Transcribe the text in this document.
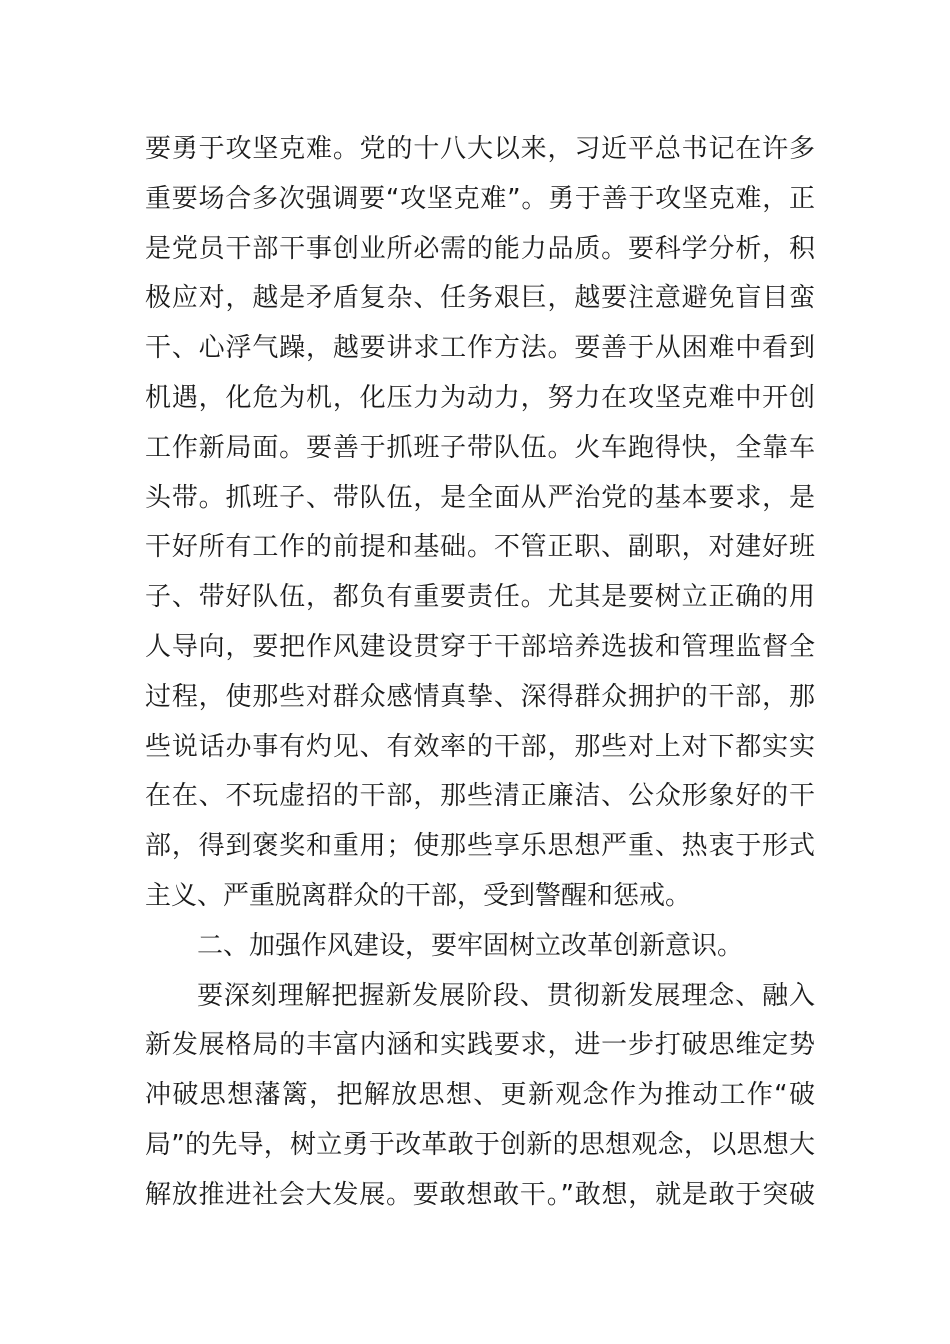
要勇于攻坚克难。党的十八大以来，习近平总书记在许多
重要场合多次强调要“攻坚克难”。勇于善于攻坚克难，正
是党员干部干事创业所必需的能力品质。要科学分析，积
极应对，越是矛盾复杂、任务艰巨，越要注意避免盲目蛮
干、心浮气躁，越要讲求工作方法。要善于从困难中看到
机遇，化危为机，化压力为动力，努力在攻坚克难中开创
工作新局面。要善于抓班子带队伍。火车跑得快，全靠车
头带。抓班子、带队伍，是全面从严治党的基本要求，是
干好所有工作的前提和基础。不管正职、副职，对建好班
子、带好队伍，都负有重要责任。尤其是要树立正确的用
人导向，要把作风建设贯穿于干部培养选拔和管理监督全
过程，使那些对群众感情真挚、深得群众拥护的干部，那
些说话办事有灼见、有效率的干部，那些对上对下都实实
在在、不玩虚招的干部，那些清正廉洁、公众形象好的干
部，得到褒奖和重用；使那些享乐思想严重、热衷于形式
主义、严重脱离群众的干部，受到警醒和惩戒。
二、加强作风建设，要牢固树立改革创新意识。
要深刻理解把握新发展阶段、贯彻新发展理念、融入
新发展格局的丰富内涵和实践要求，进一步打破思维定势
冲破思想藩篱，把解放思想、更新观念作为推动工作“破
局”的先导，树立勇于改革敢于创新的思想观念，以思想大
解放推进社会大发展。要敢想敢干。”敢想，就是敢于突破
